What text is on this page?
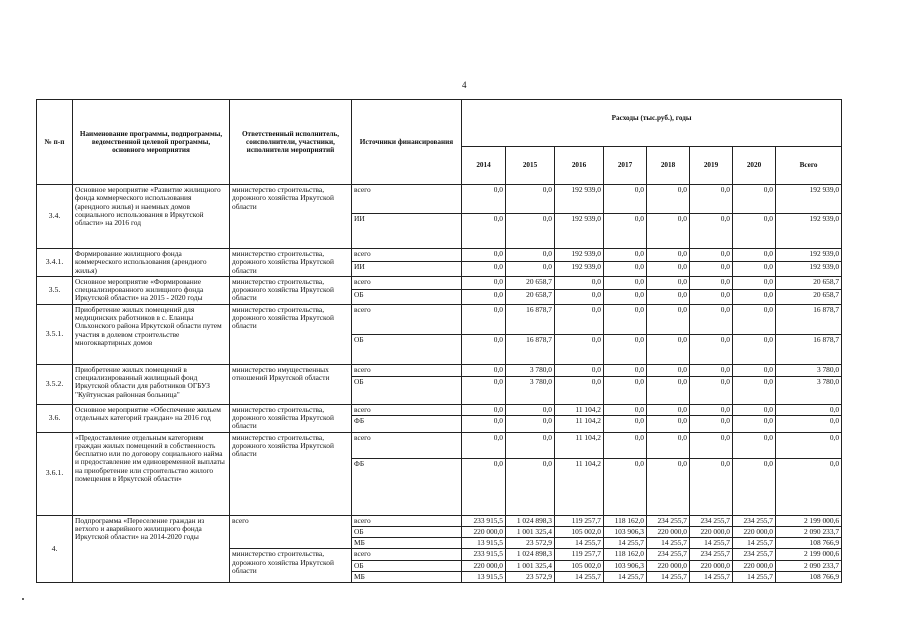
4
№ п-п	Наименование программы, подпрограммы, ведомственной целевой программы, основного мероприятия	Ответственный исполнитель, соисполнители, участники, исполнители мероприятий	Источники финансирования	Расходы (тыс.руб.), годы							
				2014	2015	2016	2017	2018	2019	2020	Всего
3.4.	Основное мероприятие «Развитие жилищного фонда коммерческого использования (арендного жилья) и наемных домов социального использования в Иркутской области» на 2016 год	министерство строительства, дорожного хозяйства Иркутской области	всего	0,0	0,0	192 939,0	0,0	0,0	0,0	0,0	192 939,0
			ИИ	0,0	0,0	192 939,0	0,0	0,0	0,0	0,0	192 939,0
3.4.1.	Формирование жилищного фонда коммерческого использования (арендного жилья)	министерство строительства, дорожного хозяйства Иркутской области	всего	0,0	0,0	192 939,0	0,0	0,0	0,0	0,0	192 939,0
			ИИ	0,0	0,0	192 939,0	0,0	0,0	0,0	0,0	192 939,0
3.5.	Основное мероприятие «Формирование специализированного жилищного фонда Иркутской области» на 2015 - 2020 годы	министерство строительства, дорожного хозяйства Иркутской области	всего	0,0	20 658,7	0,0	0,0	0,0	0,0	0,0	20 658,7
			ОБ	0,0	20 658,7	0,0	0,0	0,0	0,0	0,0	20 658,7
3.5.1.	Приобретение жилых помещений для медицинских работников в с. Еланцы Ольхонского района Иркутской области путем участия в долевом строительстве многоквартирных домов	министерство строительства, дорожного хозяйства Иркутской области	всего	0,0	16 878,7	0,0	0,0	0,0	0,0	0,0	16 878,7
			ОБ	0,0	16 878,7	0,0	0,0	0,0	0,0	0,0	16 878,7
3.5.2.	Приобретение жилых помещений в специализированный жилищный фонд Иркутской области для работников ОГБУЗ "Куйтунская районная больница"	министерство имущественных отношений Иркутской области	всего	0,0	3 780,0	0,0	0,0	0,0	0,0	0,0	3 780,0
			ОБ	0,0	3 780,0	0,0	0,0	0,0	0,0	0,0	3 780,0
3.6.	Основное мероприятие «Обеспечение жильем отдельных категорий граждан» на 2016 год	министерство строительства, дорожного хозяйства Иркутской области	всего	0,0	0,0	11 104,2	0,0	0,0	0,0	0,0	0,0
			ФБ	0,0	0,0	11 104,2	0,0	0,0	0,0	0,0	0,0
3.6.1.	«Предоставление отдельным категориям граждан жилых помещений в собственность бесплатно или по договору социального найма и предоставление им единовременной выплаты на приобретение или строительство жилого помещения в Иркутской области»	министерство строительства, дорожного хозяйства Иркутской области	всего	0,0	0,0	11 104,2	0,0	0,0	0,0	0,0	0,0
			ФБ	0,0	0,0	11 104,2	0,0	0,0	0,0	0,0	0,0
4.	Подпрограмма «Переселение граждан из ветхого и аварийного жилищного фонда Иркутской области» на 2014-2020 годы	всего	всего	233 915,5	1 024 898,3	119 257,7	118 162,0	234 255,7	234 255,7	234 255,7	2 199 000,6
			ОБ	220 000,0	1 001 325,4	105 002,0	103 906,3	220 000,0	220 000,0	220 000,0	2 090 233,7
			МБ	13 915,5	23 572,9	14 255,7	14 255,7	14 255,7	14 255,7	14 255,7	108 766,9
		министерство строительства, дорожного хозяйства Иркутской области	всего	233 915,5	1 024 898,3	119 257,7	118 162,0	234 255,7	234 255,7	234 255,7	2 199 000,6
			ОБ	220 000,0	1 001 325,4	105 002,0	103 906,3	220 000,0	220 000,0	220 000,0	2 090 233,7
			МБ	13 915,5	23 572,9	14 255,7	14 255,7	14 255,7	14 255,7	14 255,7	108 766,9
